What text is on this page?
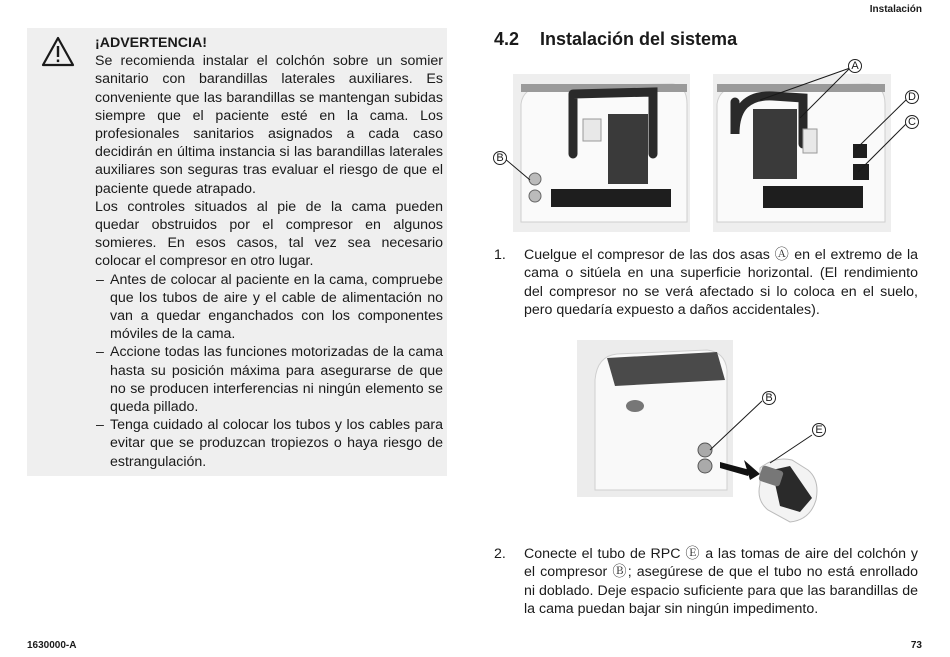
Instalación

¡ADVERTENCIA!

Se recomienda instalar el colchón sobre un somier sanitario con barandillas laterales auxiliares. Es conveniente que las barandillas se mantengan subidas siempre que el paciente esté en la cama. Los profesionales sanitarios asignados a cada caso decidirán en última instancia si las barandillas laterales auxiliares son seguras tras evaluar el riesgo de que el paciente quede atrapado.

Los controles situados al pie de la cama pueden quedar obstruidos por el compresor en algunos somieres. En esos casos, tal vez sea necesario colocar el compresor en otro lugar.

– Antes de colocar al paciente en la cama, compruebe que los tubos de aire y el cable de alimentación no van a quedar enganchados con los componentes móviles de la cama.
– Accione todas las funciones motorizadas de la cama hasta su posición máxima para asegurarse de que no se producen interferencias ni ningún elemento se queda pillado.
– Tenga cuidado al colocar los tubos y los cables para evitar que se produzcan tropiezos o haya riesgo de estrangulación.
4.2 Instalación del sistema
A
D
C
B
1. Cuelgue el compresor de las dos asas Ⓐ en el extremo de la cama o sitúela en una superficie horizontal. (El rendimiento del compresor no se verá afectado si lo coloca en el suelo, pero quedaría expuesto a daños accidentales).
B
E
2. Conecte el tubo de RPC Ⓔ a las tomas de aire del colchón y el compresor Ⓑ; asegúrese de que el tubo no está enrollado ni doblado. Deje espacio suficiente para que las barandillas de la cama puedan bajar sin ningún impedimento.
1630000-A	73
